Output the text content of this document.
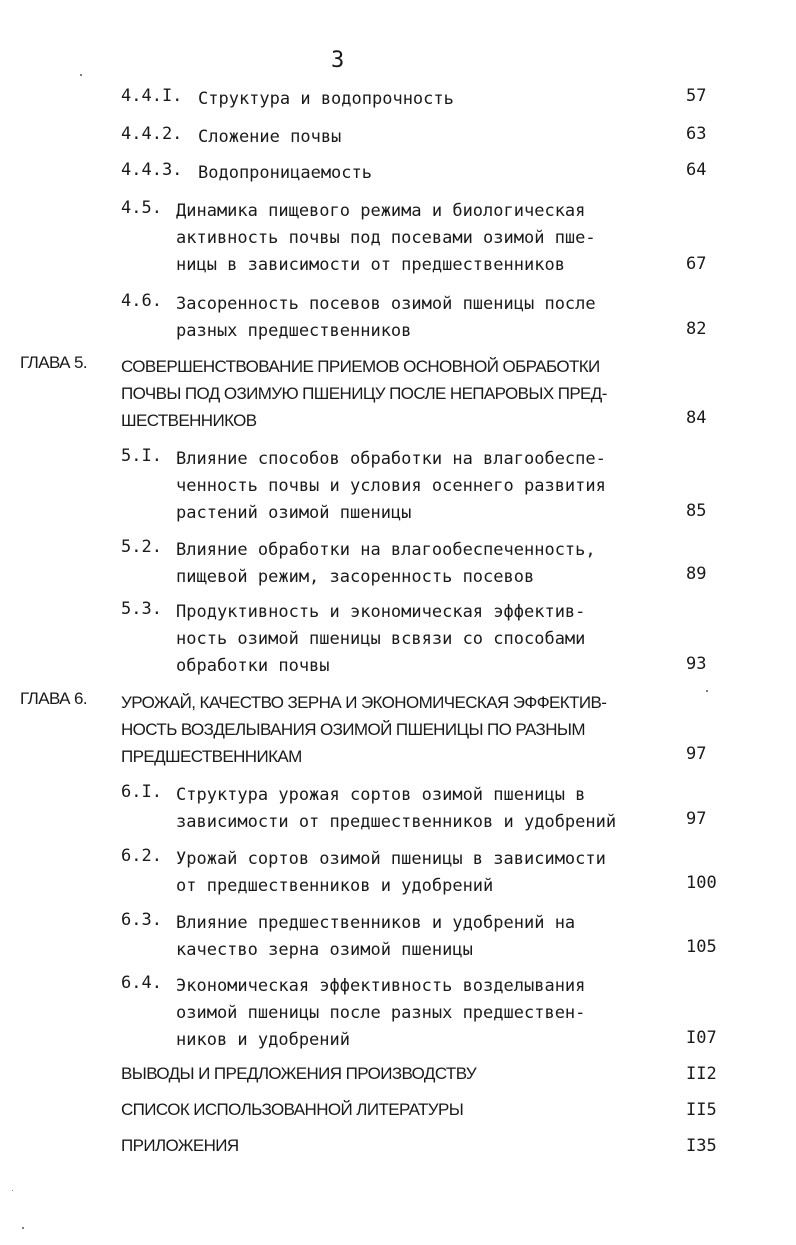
3
4.4.I. Структура и водопрочность	57
4.4.2. Сложение почвы	63
4.4.3. Водопроницаемость	64
4.5. Динамика пищевого режима и биологическая
активность почвы под посевами озимой пше-
ницы в зависимости от предшественников	67
4.6. Засоренность посевов озимой пшеницы после
разных предшественников	82
ГЛАВА 5. СОВЕРШЕНСТВОВАНИЕ ПРИЕМОВ ОСНОВНОЙ ОБРАБОТКИ
ПОЧВЫ ПОД ОЗИМУЮ ПШЕНИЦУ ПОСЛЕ НЕПАРОВЫХ ПРЕД-
ШЕСТВЕННИКОВ	84
5.I. Влияние способов обработки на влагообеспе-
ченность почвы и условия осеннего развития
растений озимой пшеницы	85
5.2. Влияние обработки на влагообеспеченность,
пищевой режим, засоренность посевов	89
5.3. Продуктивность и экономическая эффектив-
ность озимой пшеницы всвязи со способами
обработки почвы	93
ГЛАВА 6. УРОЖАЙ, КАЧЕСТВО ЗЕРНА И ЭКОНОМИЧЕСКАЯ ЭФФЕКТИВ-
НОСТЬ ВОЗДЕЛЫВАНИЯ ОЗИМОЙ ПШЕНИЦЫ ПО РАЗНЫМ
ПРЕДШЕСТВЕННИКАМ	97
6.I. Структура урожая сортов озимой пшеницы в
зависимости от предшественников и удобрений	97
6.2. Урожай сортов озимой пшеницы в зависимости
от предшественников и удобрений	100
6.3. Влияние предшественников и удобрений на
качество зерна озимой пшеницы	105
6.4. Экономическая эффективность возделывания
озимой пшеницы после разных предшествен-
ников и удобрений	I07
ВЫВОДЫ И ПРЕДЛОЖЕНИЯ ПРОИЗВОДСТВУ	II2
СПИСОК ИСПОЛЬЗОВАННОЙ ЛИТЕРАТУРЫ	II5
ПРИЛОЖЕНИЯ	I35
